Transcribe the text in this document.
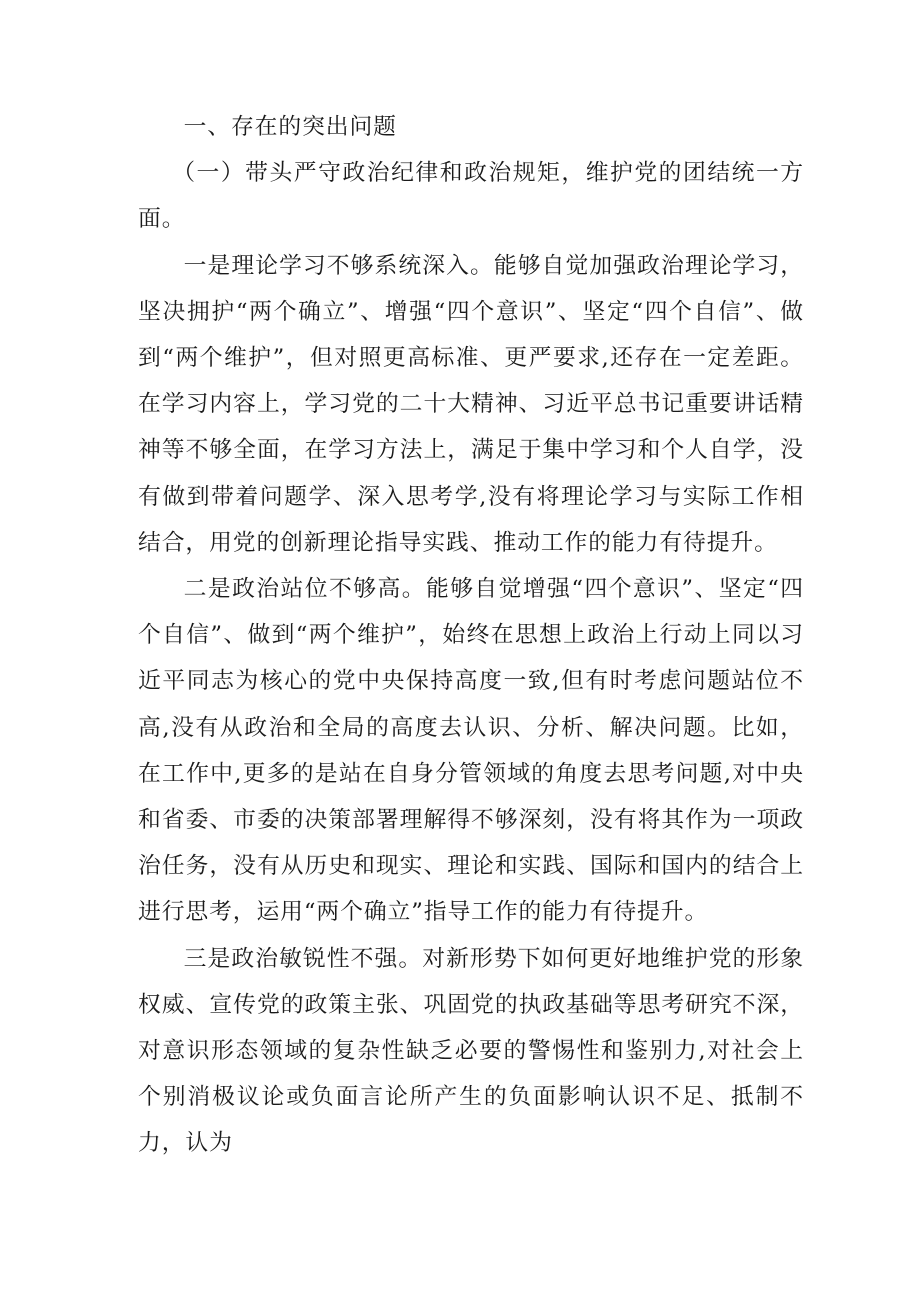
一、存在的突出问题

（一）带头严守政治纪律和政治规矩，维护党的团结统一方面。

一是理论学习不够系统深入。能够自觉加强政治理论学习，坚决拥护“两个确立”、增强“四个意识”、坚定“四个自信”、做到“两个维护”，但对照更高标准、更严要求,还存在一定差距。在学习内容上，学习党的二十大精神、习近平总书记重要讲话精神等不够全面，在学习方法上，满足于集中学习和个人自学，没有做到带着问题学、深入思考学,没有将理论学习与实际工作相结合，用党的创新理论指导实践、推动工作的能力有待提升。

二是政治站位不够高。能够自觉增强“四个意识”、坚定“四个自信”、做到“两个维护”，始终在思想上政治上行动上同以习近平同志为核心的党中央保持高度一致,但有时考虑问题站位不高,没有从政治和全局的高度去认识、分析、解决问题。比如，在工作中,更多的是站在自身分管领域的角度去思考问题,对中央和省委、市委的决策部署理解得不够深刻，没有将其作为一项政治任务，没有从历史和现实、理论和实践、国际和国内的结合上进行思考，运用“两个确立”指导工作的能力有待提升。

三是政治敏锐性不强。对新形势下如何更好地维护党的形象权威、宣传党的政策主张、巩固党的执政基础等思考研究不深，对意识形态领域的复杂性缺乏必要的警惕性和鉴别力,对社会上个别消极议论或负面言论所产生的负面影响认识不足、抵制不力，认为
